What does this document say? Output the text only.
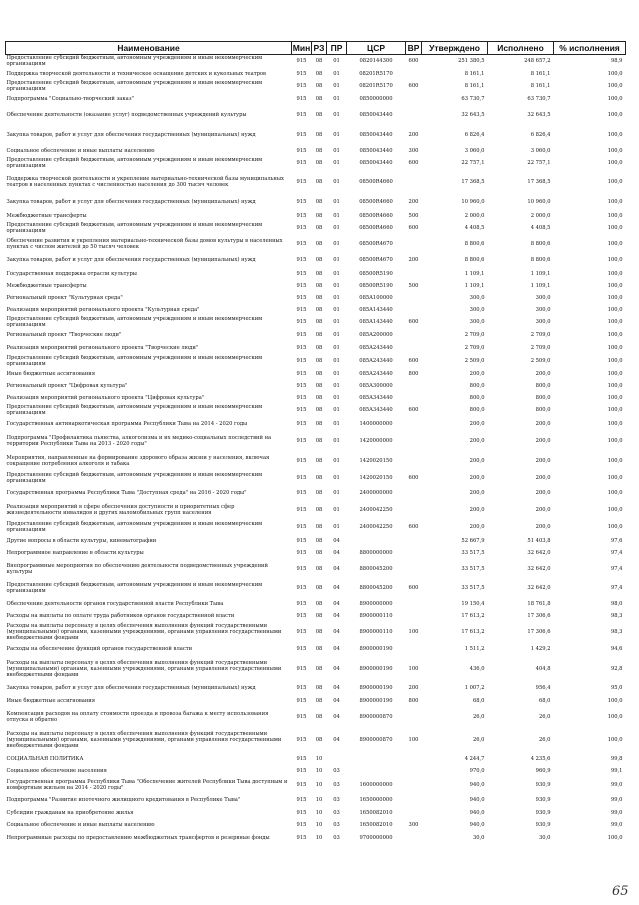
Наименование	Мин	РЗ	ПР	ЦСР	ВР	Утверждено	Исполнено	% исполнения
Предоставление субсидий бюджетным, автономным учреждениям и иным некоммерческим организациям	915	08	01	0820144300	600	251 380,5	248 657,2	98,9
Поддержка творческой деятельности и техническое оснащение детских и кукольных театров	915	08	01	08201R5170		8 161,1	8 161,1	100,0
Предоставление субсидий бюджетным, автономным учреждениям и иным некоммерческим организациям	915	08	01	08201R5170	600	8 161,1	8 161,1	100,0
Подпрограмма "Социально-творческий заказ"	915	08	01	0850000000		63 730,7	63 730,7	100,0
Обеспечение деятельности (оказание услуг) подведомственных учреждений культуры	915	08	01	0850043440		32 643,5	32 643,5	100,0
Закупка товаров, работ и услуг для обеспечения государственных (муниципальных) нужд	915	08	01	0850043440	200	6 826,4	6 826,4	100,0
Социальное обеспечение и иные выплаты населению	915	08	01	0850043440	300	3 060,0	3 060,0	100,0
Предоставление субсидий бюджетным, автономным учреждениям и иным некоммерческим организациям	915	08	01	0850043440	600	22 757,1	22 757,1	100,0
Поддержка творческой деятельности и укрепление материально-технической базы муниципальных театров в населенных пунктах с численностью населения до 300 тысяч человек	915	08	01	08500R4660		17 368,5	17 368,5	100,0
Закупка товаров, работ и услуг для обеспечения государственных (муниципальных) нужд	915	08	01	08500R4660	200	10 960,0	10 960,0	100,0
Межбюджетные трансферты	915	08	01	08500R4660	500	2 000,0	2 000,0	100,0
Предоставление субсидий бюджетным, автономным учреждениям и иным некоммерческим организациям	915	08	01	08500R4660	600	4 408,5	4 408,5	100,0
Обеспечение развития и укрепления материально-технической базы домов культуры в населенных пунктах с числом жителей до 50 тысяч человек	915	08	01	08500R4670		8 800,6	8 800,6	100,0
Закупка товаров, работ и услуг для обеспечения государственных (муниципальных) нужд	915	08	01	08500R4670	200	8 800,6	8 800,6	100,0
Государственная поддержка отрасли культуры	915	08	01	08500R5190		1 109,1	1 109,1	100,0
Межбюджетные трансферты	915	08	01	08500R5190	500	1 109,1	1 109,1	100,0
Региональный проект "Культурная среда"	915	08	01	085A100000		300,0	300,0	100,0
Реализация мероприятий регионального проекта "Культурная среда"	915	08	01	085A143440		300,0	300,0	100,0
Предоставление субсидий бюджетным, автономным учреждениям и иным некоммерческим организациям	915	08	01	085A143440	600	300,0	300,0	100,0
Региональный проект "Творческие люди"	915	08	01	085A200000		2 709,0	2 709,0	100,0
Реализация мероприятий регионального проекта "Творческие люди"	915	08	01	085A243440		2 709,0	2 709,0	100,0
Предоставление субсидий бюджетным, автономным учреждениям и иным некоммерческим организациям	915	08	01	085A243440	600	2 509,0	2 509,0	100,0
Иные бюджетные ассигнования	915	08	01	085A243440	800	200,0	200,0	100,0
Региональный проект "Цифровая культура"	915	08	01	085A300000		800,0	800,0	100,0
Реализация мероприятий регионального проекта "Цифровая культура"	915	08	01	085A343440		800,0	800,0	100,0
Предоставление субсидий бюджетным, автономным учреждениям и иным некоммерческим организациям	915	08	01	085A343440	600	800,0	800,0	100,0
Государственная антинаркотическая программа Республики Тыва на 2014 - 2020 годы	915	08	01	1400000000		200,0	200,0	100,0
Подпрограмма "Профилактика пьянства, алкоголизма и их медико-социальных последствий на территории Республики Тыва на 2013 - 2020 годы"	915	08	01	1420000000		200,0	200,0	100,0
Мероприятия, направленные на формирование здорового образа жизни у населения, включая сокращение потребления алкоголя и табака	915	08	01	1420020150		200,0	200,0	100,0
Предоставление субсидий бюджетным, автономным учреждениям и иным некоммерческим организациям	915	08	01	1420020150	600	200,0	200,0	100,0
Государственная программа Республики Тыва "Доступная среда" на 2016 - 2020 годы"	915	08	01	2400000000		200,0	200,0	100,0
Реализация мероприятий в сфере обеспечения доступности и приоритетных сфер жизнедеятельности инвалидов и других маломобильных групп населения	915	08	01	2400042250		200,0	200,0	100,0
Предоставление субсидий бюджетным, автономным учреждениям и иным некоммерческим организациям	915	08	01	2400042250	600	200,0	200,0	100,0
Другие вопросы в области культуры, кинематографии	915	08	04			52 667,9	51 403,8	97,6
Непрограммное направление в области культуры	915	08	04	8800000000		33 517,5	32 642,0	97,4
Внепрограммные мероприятия по обеспечению деятельности подведомственных учреждений культуры	915	08	04	8800045200		33 517,5	32 642,0	97,4
Предоставление субсидий бюджетным, автономным учреждениям и иным некоммерческим организациям	915	08	04	8800045200	600	33 517,5	32 642,0	97,4
Обеспечение деятельности органов государственной власти Республики Тыва	915	08	04	8900000000		19 150,4	18 761,8	98,0
Расходы на выплаты по оплате труда работников органов государственной власти	915	08	04	8900000110		17 613,2	17 306,6	98,3
Расходы на выплаты персоналу в целях обеспечения выполнения функций государственными (муниципальными) органами, казенными учреждениями, органами управления государственными внебюджетными фондами	915	08	04	8900000110	100	17 613,2	17 306,6	98,3
Расходы на обеспечение функций органов государственной власти	915	08	04	8900000190		1 511,2	1 429,2	94,6
Расходы на выплаты персоналу в целях обеспечения выполнения функций государственными (муниципальными) органами, казенными учреждениями, органами управления государственными внебюджетными фондами	915	08	04	8900000190	100	436,0	404,8	92,8
Закупка товаров, работ и услуг для обеспечения государственных (муниципальных) нужд	915	08	04	8900000190	200	1 007,2	956,4	95,0
Иные бюджетные ассигнования	915	08	04	8900000190	800	68,0	68,0	100,0
Компенсация расходов на оплату стоимости проезда и провоза багажа к месту использования отпуска и обратно	915	08	04	8900000870		26,0	26,0	100,0
Расходы на выплаты персоналу в целях обеспечения выполнения функций государственными (муниципальными) органами, казенными учреждениями, органами управления государственными внебюджетными фондами	915	08	04	8900000870	100	26,0	26,0	100,0
СОЦИАЛЬНАЯ ПОЛИТИКА	915	10				4 244,7	4 235,6	99,8
Социальное обеспечение населения	915	10	03			970,0	960,9	99,1
Государственная программа Республики Тыва "Обеспечение жителей Республики Тыва доступным и комфортным жильем на 2014 - 2020 годы"	915	10	03	1600000000		940,0	930,9	99,0
Подпрограмма "Развитие ипотечного жилищного кредитования в Республике Тыва"	915	10	03	1650000000		940,0	930,9	99,0
Субсидии гражданам на приобретение жилья	915	10	03	1650082010		940,0	930,9	99,0
Социальное обеспечение и иные выплаты населению	915	10	03	1650082010	300	940,0	930,9	99,0
Непрограммные расходы по предоставлению межбюджетных трансфертов и резервные фонды	915	10	03	9700000000		30,0	30,0	100,0
65
